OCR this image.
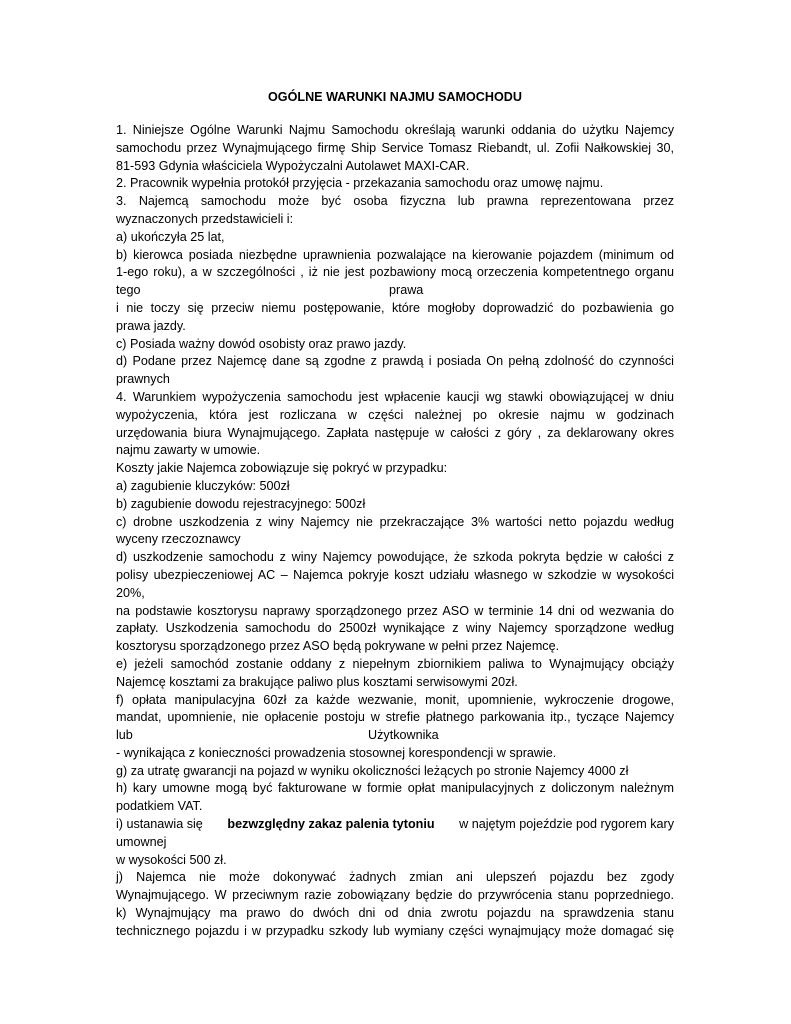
OGÓLNE WARUNKI NAJMU SAMOCHODU
1. Niniejsze Ogólne Warunki Najmu Samochodu określają warunki oddania do użytku Najemcy
samochodu przez Wynajmującego firmę Ship Service Tomasz Riebandt, ul. Zofii Nałkowskiej 30,
81-593 Gdynia właściciela Wypożyczalni Autolawet MAXI-CAR.
2. Pracownik wypełnia protokół przyjęcia - przekazania samochodu oraz umowę najmu.
3. Najemcą samochodu może być osoba fizyczna lub prawna reprezentowana przez
wyznaczonych przedstawicieli i:
a) ukończyła 25 lat,
b) kierowca posiada niezbędne uprawnienia pozwalające na kierowanie pojazdem (minimum od
1-ego roku), a w szczególności , iż nie jest pozbawiony mocą orzeczenia kompetentnego organu
tego	prawa
i nie toczy się przeciw niemu postępowanie, które mogłoby doprowadzić do pozbawienia go
prawa jazdy.
c) Posiada ważny dowód osobisty oraz prawo jazdy.
d) Podane przez Najemcę dane są zgodne z prawdą i posiada On pełną zdolność do czynności
prawnych
4. Warunkiem wypożyczenia samochodu jest wpłacenie kaucji wg stawki obowiązującej w dniu
wypożyczenia, która jest rozliczana w części należnej po okresie najmu w godzinach
urzędowania biura Wynajmującego. Zapłata następuje w całości z góry , za deklarowany okres
najmu zawarty w umowie.
Koszty jakie Najemca zobowiązuje się pokryć w przypadku:
a) zagubienie kluczyków: 500zł
b) zagubienie dowodu rejestracyjnego: 500zł
c) drobne uszkodzenia z winy Najemcy nie przekraczające 3% wartości netto pojazdu według
wyceny rzeczoznawcy
d) uszkodzenie samochodu z winy Najemcy powodujące, że szkoda pokryta będzie w całości z
polisy ubezpieczeniowej AC – Najemca pokryje koszt udziału własnego w szkodzie w wysokości
20%,
na podstawie kosztorysu naprawy sporządzonego przez ASO w terminie 14 dni od wezwania do
zapłaty. Uszkodzenia samochodu do 2500zł wynikające z winy Najemcy sporządzone według
kosztorysu sporządzonego przez ASO będą pokrywane w pełni przez Najemcę.
e) jeżeli samochód zostanie oddany z niepełnym zbiornikiem paliwa to Wynajmujący obciąży
Najemcę kosztami za brakujące paliwo plus kosztami serwisowymi 20zł.
f) opłata manipulacyjna 60zł za każde wezwanie, monit, upomnienie, wykroczenie drogowe,
mandat, upomnienie, nie opłacenie postoju w strefie płatnego parkowania itp., tyczące Najemcy
lub	Użytkownika
- wynikająca z konieczności prowadzenia stosownej korespondencji w sprawie.
g) za utratę gwarancji na pojazd w wyniku okoliczności leżących po stronie Najemcy 4000 zł
h) kary umowne mogą być fakturowane w formie opłat manipulacyjnych z doliczonym należnym
podatkiem VAT.
i) ustanawia się bezwzględny zakaz palenia tytoniu w najętym pojeździe pod rygorem kary
umownej
w wysokości 500 zł.
j) Najemca nie może dokonywać żadnych zmian ani ulepszeń pojazdu bez zgody
Wynajmującego. W przeciwnym razie zobowiązany będzie do przywrócenia stanu poprzedniego.
k) Wynajmujący ma prawo do dwóch dni od dnia zwrotu pojazdu na sprawdzenia stanu
technicznego pojazdu i w przypadku szkody lub wymiany części wynajmujący może domagać się
